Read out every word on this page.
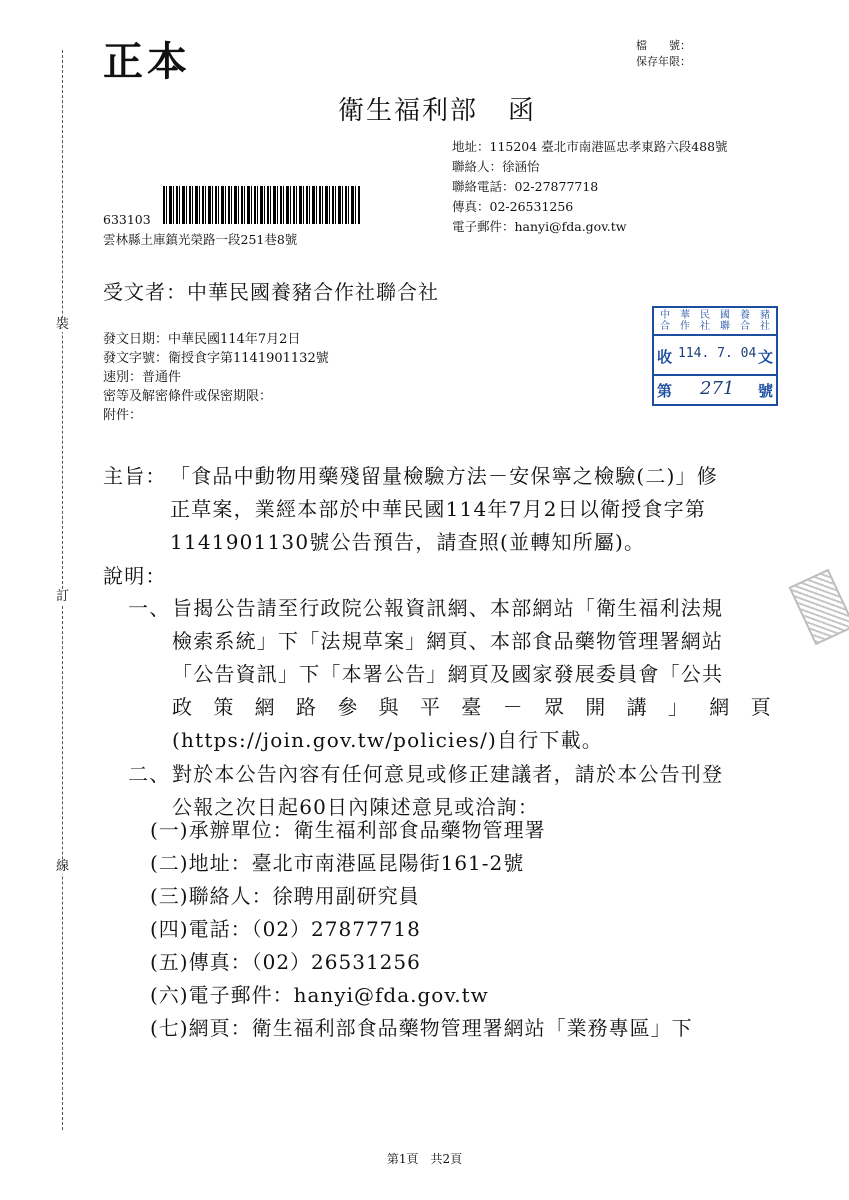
裝
訂
線
正本	檔　　號：
保存年限：
衛生福利部 函
地址：115204 臺北市南港區忠孝東路六段488號
聯絡人：徐涵怡
聯絡電話：02-27877718
傳真：02-26531256
電子郵件：hanyi@fda.gov.tw
633103
雲林縣土庫鎮光榮路一段251巷8號
受文者：中華民國養豬合作社聯合社
發文日期：中華民國114年7月2日
發文字號：衛授食字第1141901132號
速別：普通件
密等及解密條件或保密期限：
附件：
中　華　民　國　養　豬
合　作　社　聯　合　社
收 114. 7. 04 文
第 271 號
主旨： 「食品中動物用藥殘留量檢驗方法－安保寧之檢驗(二)」修
正草案，業經本部於中華民國114年7月2日以衛授食字第
1141901130號公告預告，請查照(並轉知所屬)。
說明：
一、 旨揭公告請至行政院公報資訊網、本部網站「衛生福利法規
檢索系統」下「法規草案」網頁、本部食品藥物管理署網站
「公告資訊」下「本署公告」網頁及國家發展委員會「公共
政 策 網 路 參 與 平 臺 － 眾 開 講 」 網 頁
(https://join.gov.tw/policies/)自行下載。
二、 對於本公告內容有任何意見或修正建議者，請於本公告刊登
公報之次日起60日內陳述意見或洽詢：
(一)承辦單位：衛生福利部食品藥物管理署
(二)地址：臺北市南港區昆陽街161-2號
(三)聯絡人：徐聘用副研究員
(四)電話：（02）27877718
(五)傳真：（02）26531256
(六)電子郵件：hanyi@fda.gov.tw
(七)網頁：衛生福利部食品藥物管理署網站「業務專區」下
第1頁　共2頁
